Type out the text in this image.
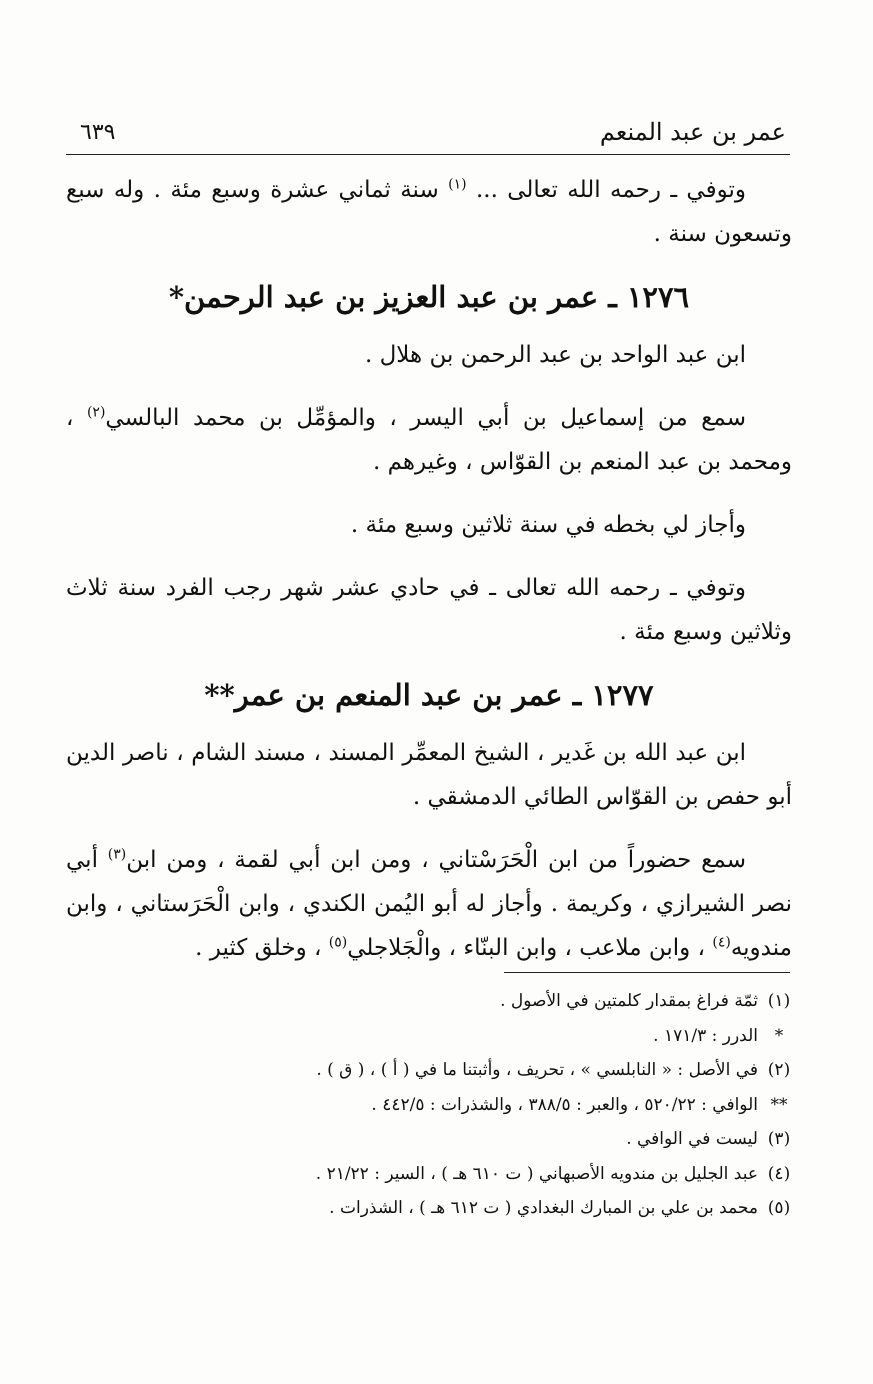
عمر بن عبد المنعم
٦٣٩

وتوفي ـ رحمه الله تعالى ... $^{(١)}$ سنة ثماني عشرة وسبع مئة . وله سبع وتسعون سنة .

١٢٧٦ ـ عمر بن عبد العزيز بن عبد الرحمن*

ابن عبد الواحد بن عبد الرحمن بن هلال .

سمع من إسماعيل بن أبي اليسر ، والمؤمِّل بن محمد البالسي$^{(٢)}$ ، ومحمد بن عبد المنعم بن القوّاس ، وغيرهم .

وأجاز لي بخطه في سنة ثلاثين وسبع مئة .

وتوفي ـ رحمه الله تعالى ـ في حادي عشر شهر رجب الفرد سنة ثلاث وثلاثين وسبع مئة .

١٢٧٧ ـ عمر بن عبد المنعم بن عمر**

ابن عبد الله بن غَدير ، الشيخ المعمِّر المسند ، مسند الشام ، ناصر الدين أبو حفص بن القوّاس الطائي الدمشقي .

سمع حضوراً من ابن الْحَرَسْتاني ، ومن ابن أبي لقمة ، ومن ابن$^{(٣)}$ أبي نصر الشيرازي ، وكريمة . وأجاز له أبو اليُمن الكندي ، وابن الْحَرَستاني ، وابن مندويه$^{(٤)}$ ، وابن ملاعب ، وابن البنّاء ، والْجَلاجلي$^{(٥)}$ ، وخلق كثير .

(١)
ثمّة فراغ بمقدار كلمتين في الأصول .
*
الدرر : ١٧١/٣ .
(٢)
في الأصل : « النابلسي » ، تحريف ، وأثبتنا ما في ( أ ) ، ( ق ) .
**
الوافي : ٥٢٠/٢٢ ، والعبر : ٣٨٨/٥ ، والشذرات : ٤٤٢/٥ .
(٣)
ليست في الوافي .
(٤)
عبد الجليل بن مندويه الأصبهاني ( ت ٦١٠ هـ ) ، السير : ٢١/٢٢ .
(٥)
محمد بن علي بن المبارك البغدادي ( ت ٦١٢ هـ ) ، الشذرات .
